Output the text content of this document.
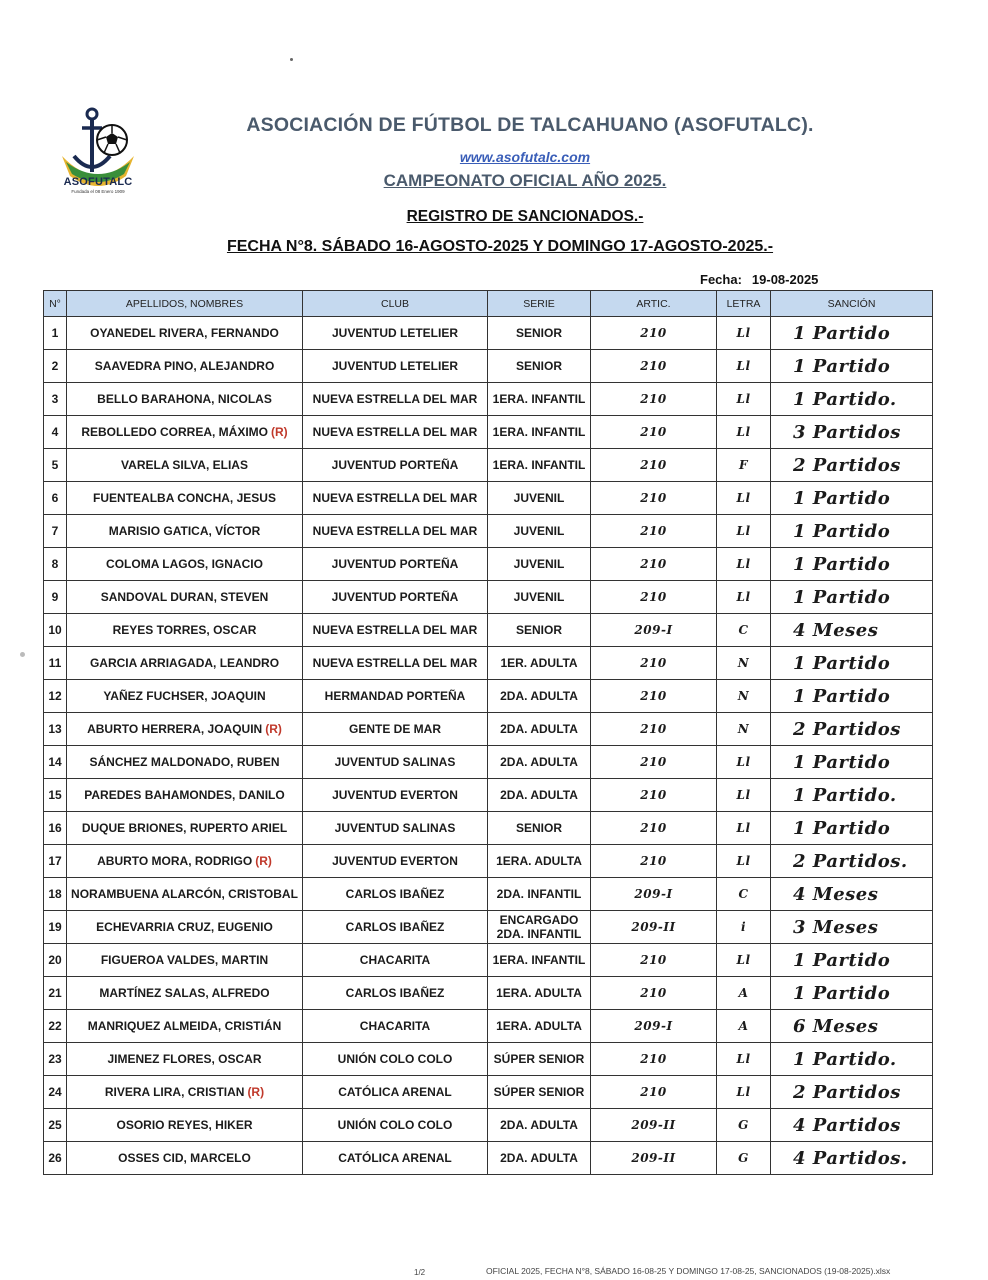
ASOFUTALC
Fundada el 08 Enero 1909
ASOCIACIÓN DE FÚTBOL DE TALCAHUANO (ASOFUTALC).
www.asofutalc.com
CAMPEONATO OFICIAL AÑO 2025.
REGISTRO DE SANCIONADOS.-
FECHA N°8. SÁBADO 16-AGOSTO-2025 Y DOMINGO 17-AGOSTO-2025.-
Fecha: 19-08-2025
N°	APELLIDOS, NOMBRES	CLUB	SERIE	ARTIC.	LETRA	SANCIÓN
1	OYANEDEL RIVERA, FERNANDO	JUVENTUD LETELIER	SENIOR	210	Ll	1 Partido
2	SAAVEDRA PINO, ALEJANDRO	JUVENTUD LETELIER	SENIOR	210	Ll	1 Partido
3	BELLO BARAHONA, NICOLAS	NUEVA ESTRELLA DEL MAR	1ERA. INFANTIL	210	Ll	1 Partido.
4	REBOLLEDO CORREA, MÁXIMO (R)	NUEVA ESTRELLA DEL MAR	1ERA. INFANTIL	210	Ll	3 Partidos
5	VARELA SILVA, ELIAS	JUVENTUD PORTEÑA	1ERA. INFANTIL	210	F	2 Partidos
6	FUENTEALBA CONCHA, JESUS	NUEVA ESTRELLA DEL MAR	JUVENIL	210	Ll	1 Partido
7	MARISIO GATICA, VÍCTOR	NUEVA ESTRELLA DEL MAR	JUVENIL	210	Ll	1 Partido
8	COLOMA LAGOS, IGNACIO	JUVENTUD PORTEÑA	JUVENIL	210	Ll	1 Partido
9	SANDOVAL DURAN, STEVEN	JUVENTUD PORTEÑA	JUVENIL	210	Ll	1 Partido
10	REYES TORRES, OSCAR	NUEVA ESTRELLA DEL MAR	SENIOR	209-I	C	4 Meses
11	GARCIA ARRIAGADA, LEANDRO	NUEVA ESTRELLA DEL MAR	1ER. ADULTA	210	N	1 Partido
12	YAÑEZ FUCHSER, JOAQUIN	HERMANDAD PORTEÑA	2DA. ADULTA	210	N	1 Partido
13	ABURTO HERRERA, JOAQUIN (R)	GENTE DE MAR	2DA. ADULTA	210	N	2 Partidos
14	SÁNCHEZ MALDONADO, RUBEN	JUVENTUD SALINAS	2DA. ADULTA	210	Ll	1 Partido
15	PAREDES BAHAMONDES, DANILO	JUVENTUD EVERTON	2DA. ADULTA	210	Ll	1 Partido.
16	DUQUE BRIONES, RUPERTO ARIEL	JUVENTUD SALINAS	SENIOR	210	Ll	1 Partido
17	ABURTO MORA, RODRIGO (R)	JUVENTUD EVERTON	1ERA. ADULTA	210	Ll	2 Partidos.
18	NORAMBUENA ALARCÓN, CRISTOBAL	CARLOS IBAÑEZ	2DA. INFANTIL	209-I	C	4 Meses
19	ECHEVARRIA CRUZ, EUGENIO	CARLOS IBAÑEZ	ENCARGADO
2DA. INFANTIL	209-II	i	3 Meses
20	FIGUEROA VALDES, MARTIN	CHACARITA	1ERA. INFANTIL	210	Ll	1 Partido
21	MARTÍNEZ SALAS, ALFREDO	CARLOS IBAÑEZ	1ERA. ADULTA	210	A	1 Partido
22	MANRIQUEZ ALMEIDA, CRISTIÁN	CHACARITA	1ERA. ADULTA	209-I	A	6 Meses
23	JIMENEZ FLORES, OSCAR	UNIÓN COLO COLO	SÚPER SENIOR	210	Ll	1 Partido.
24	RIVERA LIRA, CRISTIAN (R)	CATÓLICA ARENAL	SÚPER SENIOR	210	Ll	2 Partidos
25	OSORIO REYES, HIKER	UNIÓN COLO COLO	2DA. ADULTA	209-II	G	4 Partidos
26	OSSES CID, MARCELO	CATÓLICA ARENAL	2DA. ADULTA	209-II	G	4 Partidos.
1/2	OFICIAL 2025, FECHA N°8, SÁBADO 16-08-25 Y DOMINGO 17-08-25, SANCIONADOS (19-08-2025).xlsx
